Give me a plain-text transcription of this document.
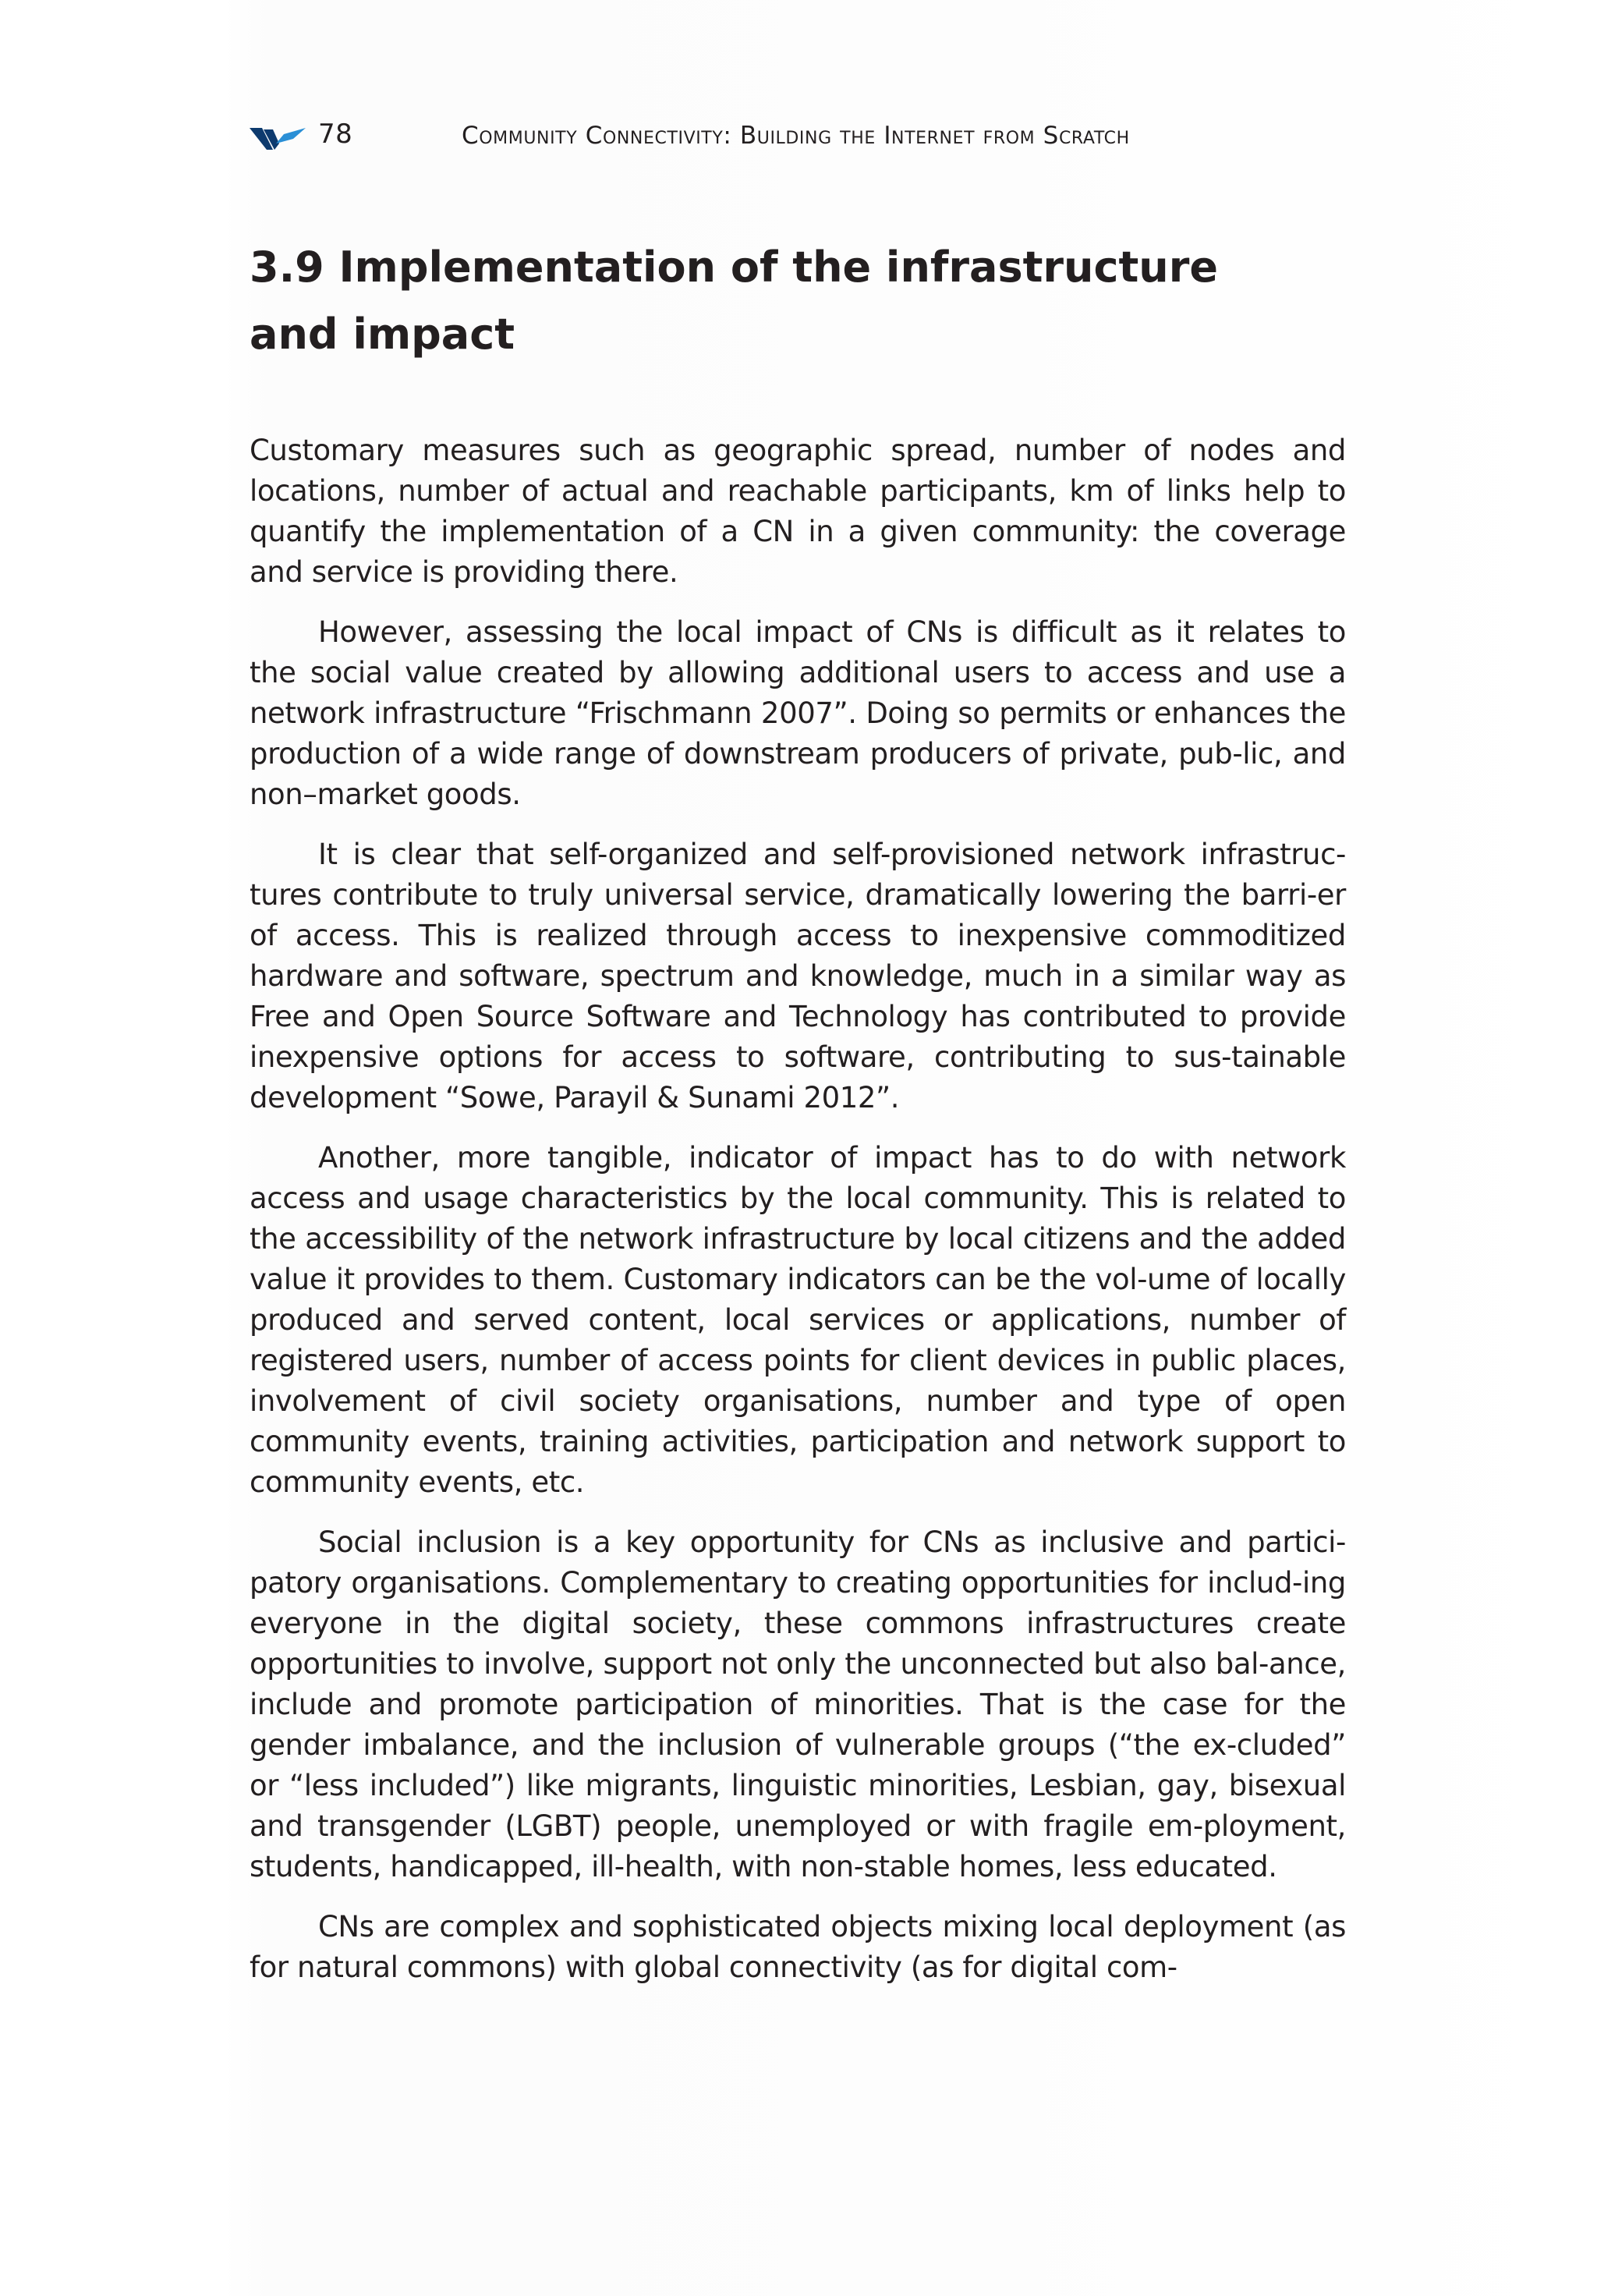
78	Community Connectivity: Building the Internet from Scratch
3.9 Implementation of the infrastructure and impact

Customary measures such as geographic spread, number of nodes and locations, number of actual and reachable participants, km of links help to quantify the implementation of a CN in a given community: the coverage and service is providing there.

However, assessing the local impact of CNs is difficult as it relates to the social value created by allowing additional users to access and use a network infrastructure “Frischmann 2007”. Doing so permits or enhances the production of a wide range of downstream producers of private, pub-lic, and non–market goods.

It is clear that self-organized and self-provisioned network infrastruc-tures contribute to truly universal service, dramatically lowering the barri-er of access. This is realized through access to inexpensive commoditized hardware and software, spectrum and knowledge, much in a similar way as Free and Open Source Software and Technology has contributed to provide inexpensive options for access to software, contributing to sus-tainable development “Sowe, Parayil & Sunami 2012”.

Another, more tangible, indicator of impact has to do with network access and usage characteristics by the local community. This is related to the accessibility of the network infrastructure by local citizens and the added value it provides to them. Customary indicators can be the vol-ume of locally produced and served content, local services or applications, number of registered users, number of access points for client devices in public places, involvement of civil society organisations, number and type of open community events, training activities, participation and network support to community events, etc.

Social inclusion is a key opportunity for CNs as inclusive and partici-patory organisations. Complementary to creating opportunities for includ-ing everyone in the digital society, these commons infrastructures create opportunities to involve, support not only the unconnected but also bal-ance, include and promote participation of minorities. That is the case for the gender imbalance, and the inclusion of vulnerable groups (“the ex-cluded” or “less included”) like migrants, linguistic minorities, Lesbian, gay, bisexual and transgender (LGBT) people, unemployed or with fragile em-ployment, students, handicapped, ill-health, with non-stable homes, less educated.

CNs are complex and sophisticated objects mixing local deployment (as for natural commons) with global connectivity (as for digital com-
